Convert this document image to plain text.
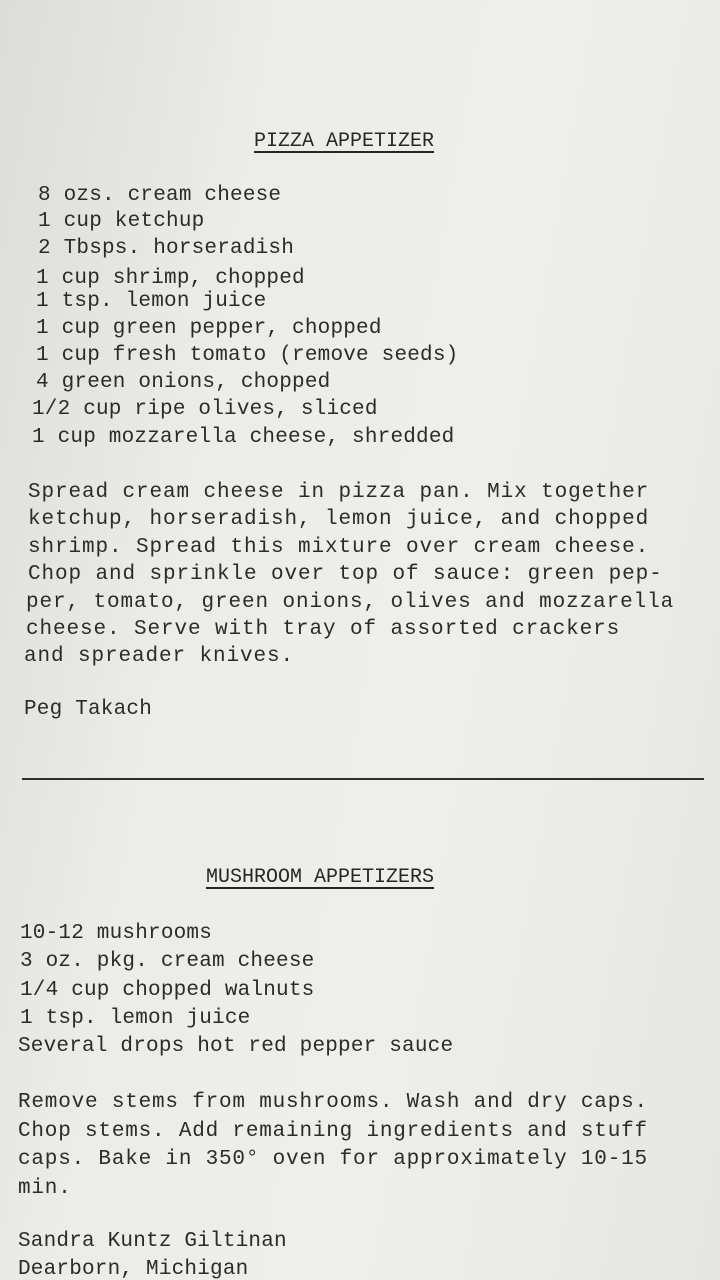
PIZZA APPETIZER
8 ozs. cream cheese
1 cup ketchup
2 Tbsps. horseradish
1 cup shrimp, chopped
1 tsp. lemon juice
1 cup green pepper, chopped
1 cup fresh tomato (remove seeds)
4 green onions, chopped
1/2 cup ripe olives, sliced
1 cup mozzarella cheese, shredded
Spread cream cheese in pizza pan. Mix together
ketchup, horseradish, lemon juice, and chopped
shrimp. Spread this mixture over cream cheese.
Chop and sprinkle over top of sauce: green pep-
per, tomato, green onions, olives and mozzarella
cheese. Serve with tray of assorted crackers
and spreader knives.
Peg Takach
MUSHROOM APPETIZERS
10-12 mushrooms
3 oz. pkg. cream cheese
1/4 cup chopped walnuts
1 tsp. lemon juice
Several drops hot red pepper sauce
Remove stems from mushrooms. Wash and dry caps.
Chop stems. Add remaining ingredients and stuff
caps. Bake in 350° oven for approximately 10-15
min.
Sandra Kuntz Giltinan
Dearborn, Michigan
